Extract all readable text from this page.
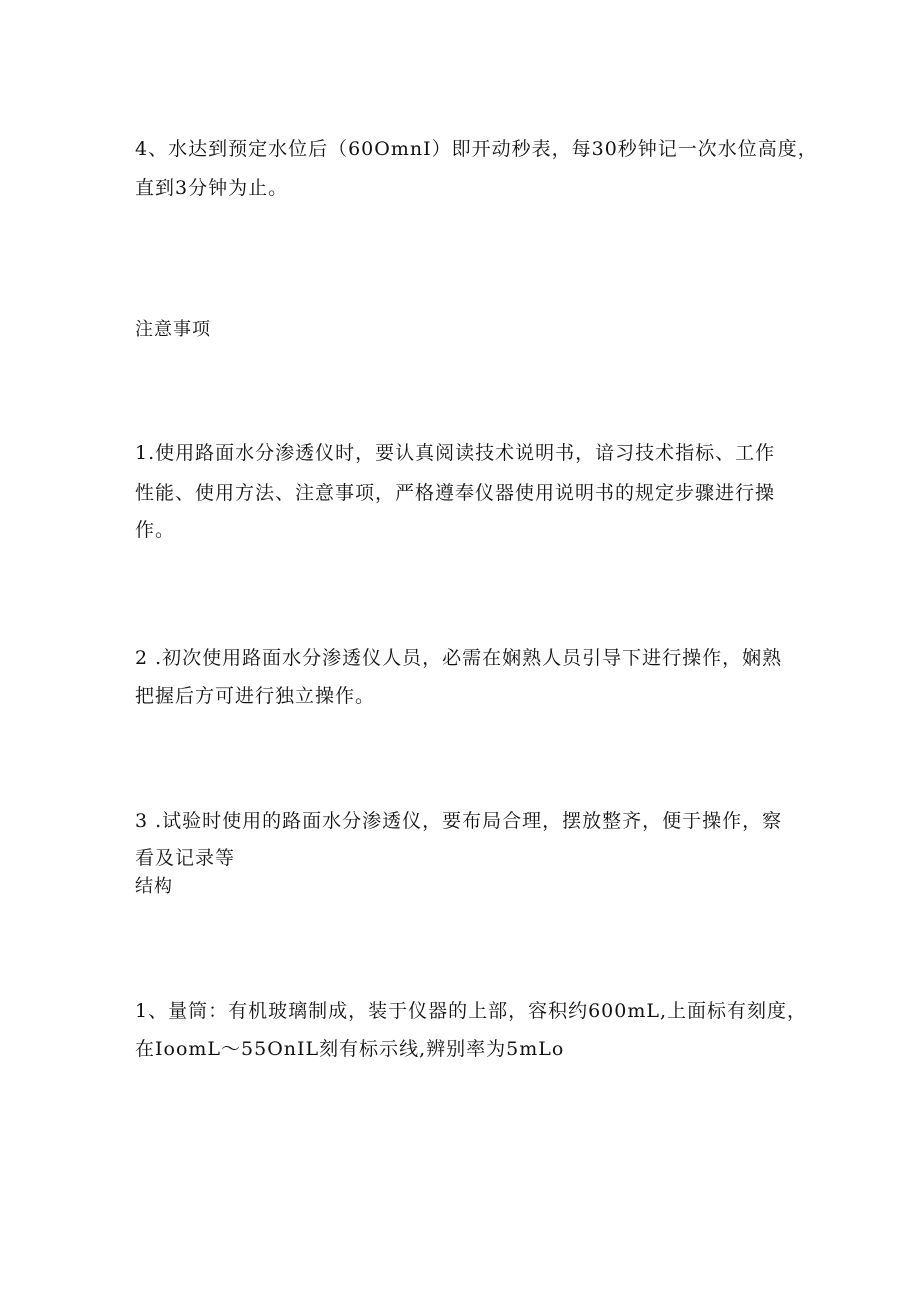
4、水达到预定水位后（60OmnI）即开动秒表，每30秒钟记一次水位高度，
直到3分钟为止。
注意事项
1.使用路面水分渗透仪时，要认真阅读技术说明书，谙习技术指标、工作
性能、使用方法、注意事项，严格遵奉仪器使用说明书的规定步骤进行操
作。
2 .初次使用路面水分渗透仪人员，必需在娴熟人员引导下进行操作，娴熟
把握后方可进行独立操作。
3 .试验时使用的路面水分渗透仪，要布局合理，摆放整齐，便于操作，察
看及记录等
结构
1、量筒：有机玻璃制成，装于仪器的上部，容积约600mL,上面标有刻度，
在IoomL～55OnIL刻有标示线,辨别率为5mLo
